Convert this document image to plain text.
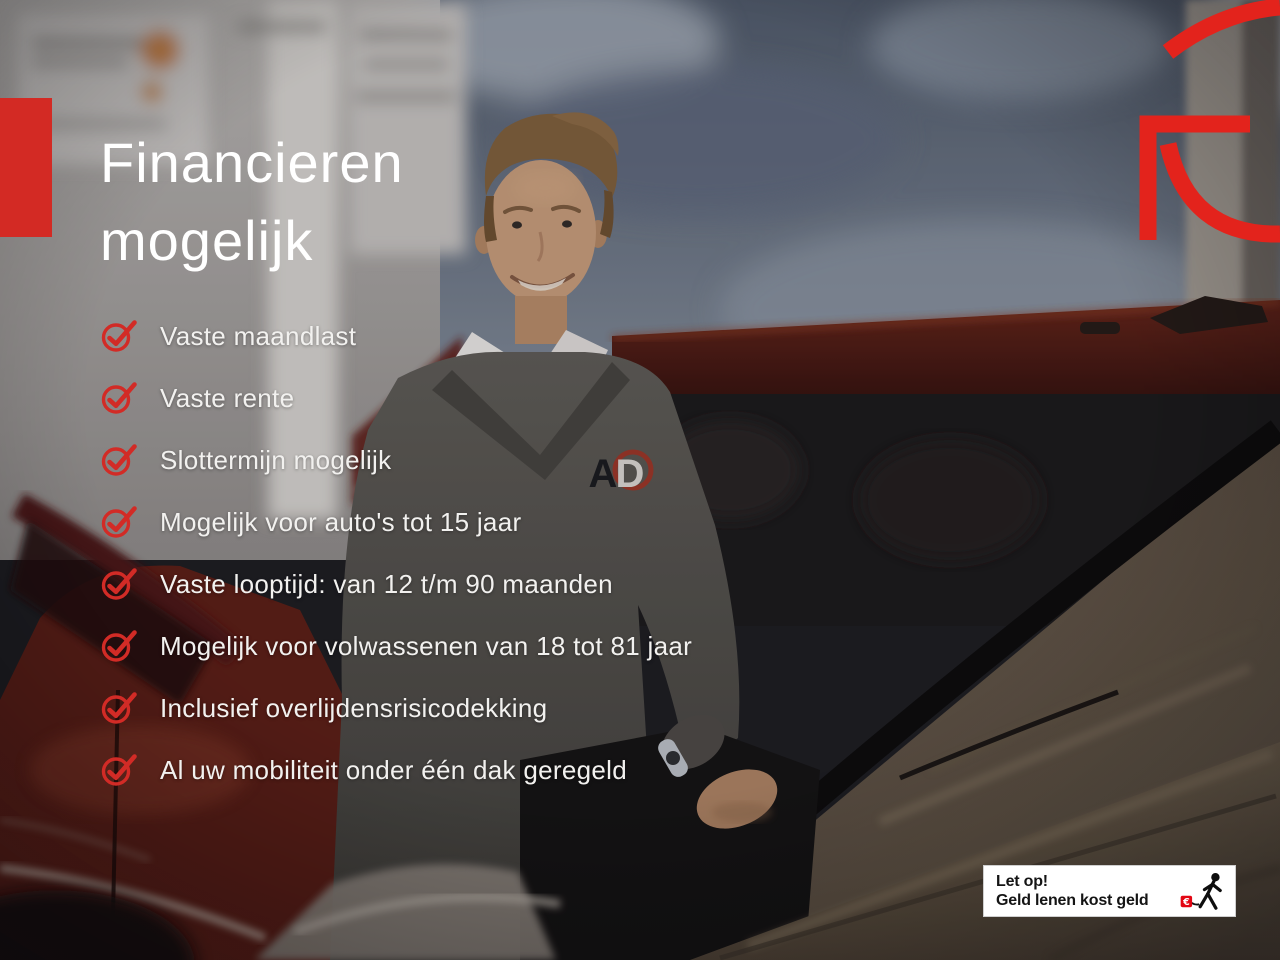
Financieren
mogelijk
Vaste maandlast
Vaste rente
Slottermijn mogelijk
Mogelijk voor auto's tot 15 jaar
Vaste looptijd: van 12 t/m 90 maanden
Mogelijk voor volwassenen van 18 tot 81 jaar
Inclusief overlijdensrisicodekking
Al uw mobiliteit onder één dak geregeld
Let op!
Geld lenen kost geld	€
